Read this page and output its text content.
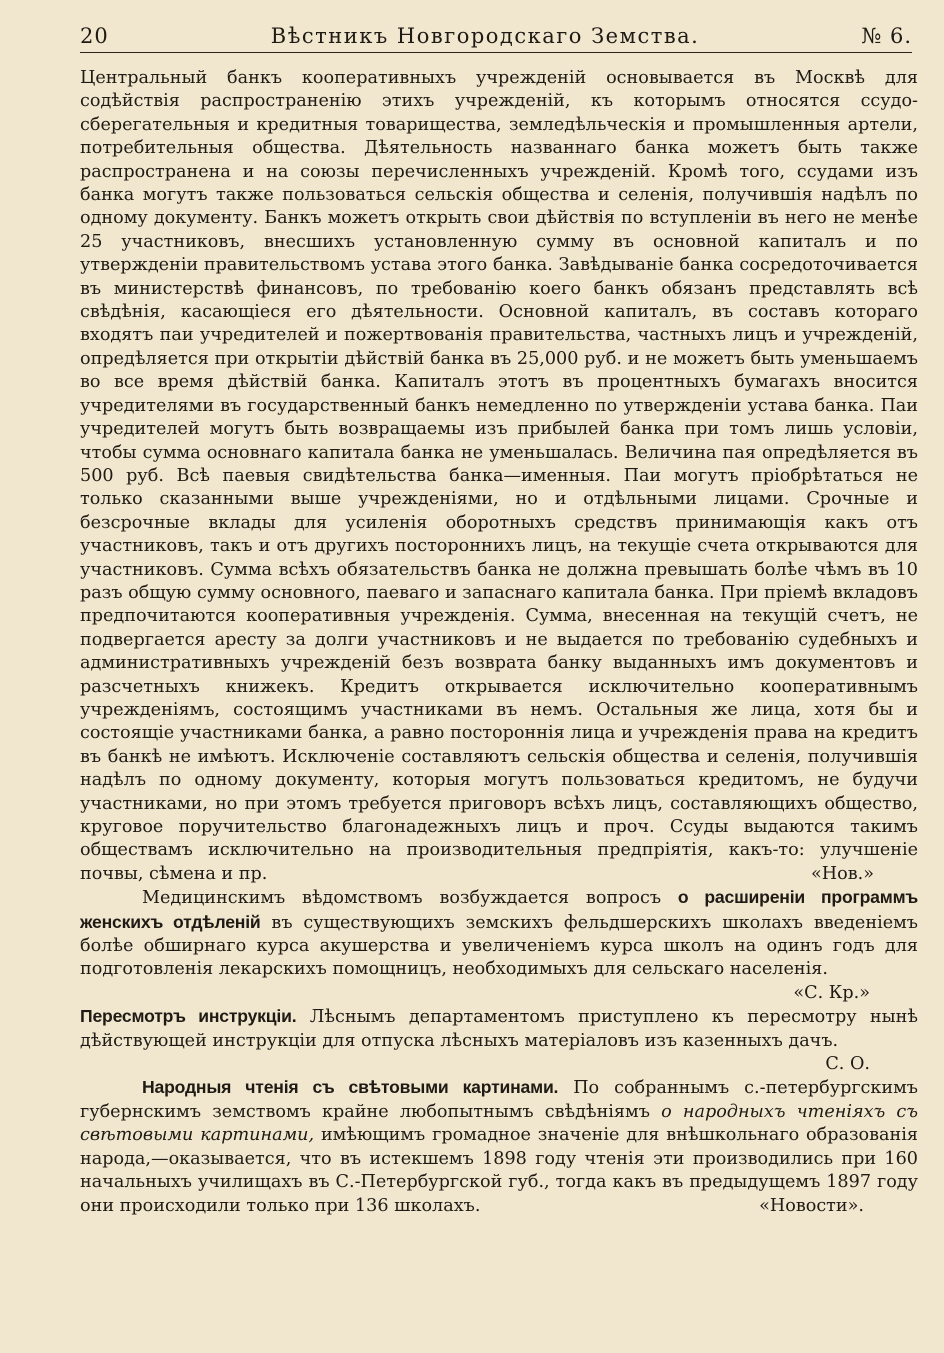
20	Вѣстникъ Новгородскаго Земства.	№ 6.

Центральный банкъ кооперативныхъ учрежденій основывается въ Москвѣ для содѣйствія распространенію этихъ учрежденій, къ которымъ относятся ссудо-сберегательныя и кредитныя товарищества, земледѣльческія и промышленныя артели, потребительныя общества. Дѣятельность названнаго банка можетъ быть также распространена и на союзы перечисленныхъ учрежденій. Кромѣ того, ссудами изъ банка могутъ также пользоваться сельскія общества и селенія, получившія надѣлъ по одному документу. Банкъ можетъ открыть свои дѣйствія по вступленіи въ него не менѣе 25 участниковъ, внесшихъ установленную сумму въ основной капиталъ и по утвержденіи правительствомъ устава этого банка. Завѣдываніе банка сосредоточивается въ министерствѣ финансовъ, по требованію коего банкъ обязанъ представлять всѣ свѣдѣнія, касающіеся его дѣятельности. Основной капиталъ, въ составъ котораго входятъ паи учредителей и пожертвованія правительства, частныхъ лицъ и учрежденій, опредѣляется при открытіи дѣйствій банка въ 25,000 руб. и не можетъ быть уменьшаемъ во все время дѣйствій банка. Капиталъ этотъ въ процентныхъ бумагахъ вносится учредителями въ государственный банкъ немедленно по утвержденіи устава банка. Паи учредителей могутъ быть возвращаемы изъ прибылей банка при томъ лишь условіи, чтобы сумма основнаго капитала банка не уменьшалась. Величина пая опредѣляется въ 500 руб. Всѣ паевыя свидѣтельства банка—именныя. Паи могутъ пріобрѣтаться не только сказанными выше учрежденіями, но и отдѣльными лицами. Срочные и безсрочные вклады для усиленія оборотныхъ средствъ принимающія какъ отъ участниковъ, такъ и отъ другихъ постороннихъ лицъ, на текущіе счета открываются для участниковъ. Сумма всѣхъ обязательствъ банка не должна превышать болѣе чѣмъ въ 10 разъ общую сумму основного, паеваго и запаснаго капитала банка. При пріемѣ вкладовъ предпочитаются кооперативныя учрежденія. Сумма, внесенная на текущій счетъ, не подвергается аресту за долги участниковъ и не выдается по требованію судебныхъ и административныхъ учрежденій безъ возврата банку выданныхъ имъ документовъ и разсчетныхъ книжекъ. Кредитъ открывается исключительно кооперативнымъ учрежденіямъ, состоящимъ участниками въ немъ. Остальныя же лица, хотя бы и состоящіе участниками банка, а равно постороннія лица и учрежденія права на кредитъ въ банкѣ не имѣютъ. Исключеніе составляютъ сельскія общества и селенія, получившія надѣлъ по одному документу, которыя могутъ пользоваться кредитомъ, не будучи участниками, но при этомъ требуется приговоръ всѣхъ лицъ, составляющихъ общество, круговое поручительство благонадежныхъ лицъ и проч. Ссуды выдаются такимъ обществамъ исключительно на производительныя предпріятія, какъ-то: улучшеніе почвы, сѣмена и пр.	«Нов.»

Медицинскимъ вѣдомствомъ возбуждается вопросъ о расширеніи программъ женскихъ отдѣленій въ существующихъ земскихъ фельдшерскихъ школахъ введеніемъ болѣе обширнаго курса акушерства и увеличеніемъ курса школъ на одинъ годъ для подготовленія лекарскихъ помощницъ, необходимыхъ для сельскаго населенія.
«С. Кр.»

Пересмотръ инструкціи. Лѣснымъ департаментомъ приступлено къ пересмотру нынѣ дѣйствующей инструкціи для отпуска лѣсныхъ матеріаловъ изъ казенныхъ дачъ.
С. О.

Народныя чтенія съ свѣтовыми картинами. По собраннымъ с.-петербургскимъ губернскимъ земствомъ крайне любопытнымъ свѣдѣніямъ о народныхъ чтеніяхъ съ свѣтовыми картинами, имѣющимъ громадное значеніе для внѣшкольнаго образованія народа,—оказывается, что въ истекшемъ 1898 году чтенія эти производились при 160 начальныхъ училищахъ въ С.-Петербургской губ., тогда какъ въ предыдущемъ 1897 году они происходили только при 136 школахъ.	«Новости».
